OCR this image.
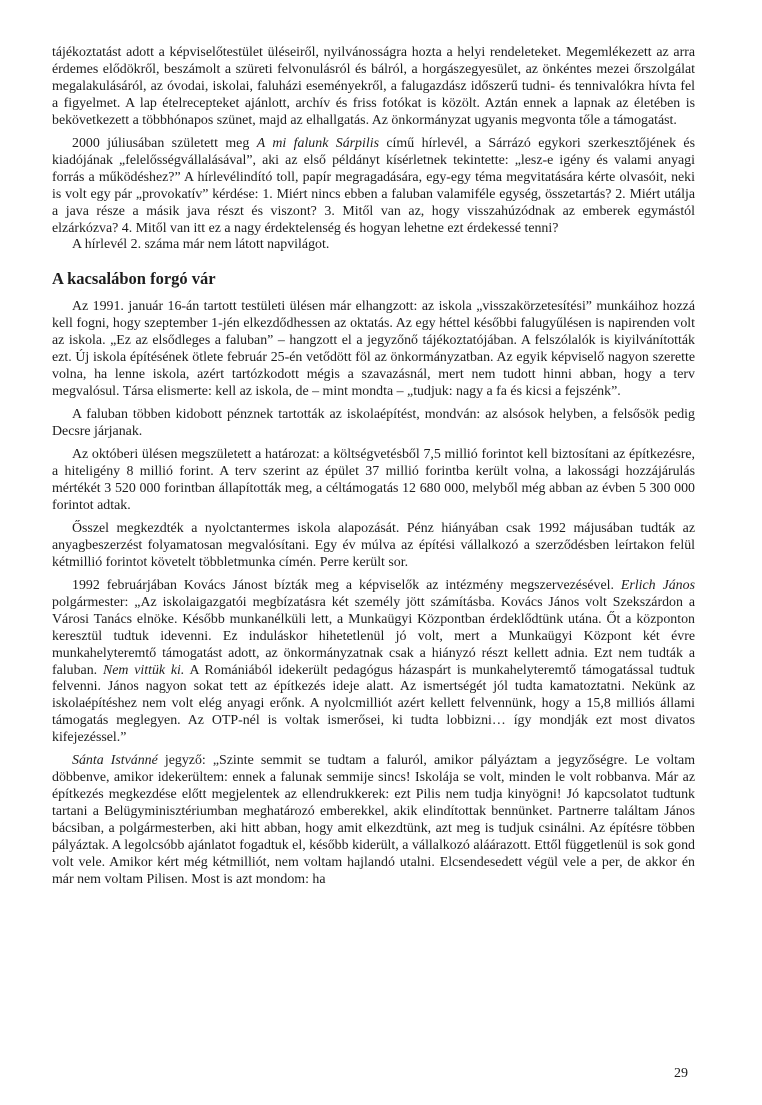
tájékoztatást adott a képviselőtestület üléseiről, nyilvánosságra hozta a helyi rendeleteket. Megemlékezett az arra érdemes elődökről, beszámolt a szüreti felvonulásról és bálról, a horgászegyesület, az önkéntes mezei őrszolgálat megalakulásáról, az óvodai, iskolai, faluházi eseményekről, a falugazdász időszerű tudni- és tennivalókra hívta fel a figyelmet. A lap ételrecepteket ajánlott, archív és friss fotókat is közölt. Aztán ennek a lapnak az életében is bekövetkezett a többhónapos szünet, majd az elhallgatás. Az önkormányzat ugyanis megvonta tőle a támogatást.

2000 júliusában született meg A mi falunk Sárpilis című hírlevél, a Sárrázó egykori szerkesztőjének és kiadójának „felelősségvállalásával”, aki az első példányt kísérletnek tekintette: „lesz-e igény és valami anyagi forrás a működéshez?” A hírlevélindító toll, papír megragadására, egy-egy téma megvitatására kérte olvasóit, neki is volt egy pár „provokatív” kérdése: 1. Miért nincs ebben a faluban valamiféle egység, összetartás? 2. Miért utálja a java része a másik java részt és viszont? 3. Mitől van az, hogy visszahúzódnak az emberek egymástól elzárkózva? 4. Mitől van itt ez a nagy érdektelenség és hogyan lehetne ezt érdekessé tenni?

A hírlevél 2. száma már nem látott napvilágot.

A kacsalábon forgó vár

Az 1991. január 16-án tartott testületi ülésen már elhangzott: az iskola „visszakörzetesítési” munkáihoz hozzá kell fogni, hogy szeptember 1-jén elkezdődhessen az oktatás. Az egy héttel későbbi falugyűlésen is napirenden volt az iskola. „Ez az elsődleges a faluban” – hangzott el a jegyzőnő tájékoztatójában. A felszólalók is kiyilvánították ezt. Új iskola építésének ötlete február 25-én vetődött föl az önkormányzatban. Az egyik képviselő nagyon szerette volna, ha lenne iskola, azért tartózkodott mégis a szavazásnál, mert nem tudott hinni abban, hogy a terv megvalósul. Társa elismerte: kell az iskola, de – mint mondta – „tudjuk: nagy a fa és kicsi a fejszénk”.

A faluban többen kidobott pénznek tartották az iskolaépítést, mondván: az alsósok helyben, a felsősök pedig Decsre járjanak.

Az októberi ülésen megszületett a határozat: a költségvetésből 7,5 millió forintot kell biztosítani az építkezésre, a hiteligény 8 millió forint. A terv szerint az épület 37 millió forintba került volna, a lakossági hozzájárulás mértékét 3 520 000 forintban állapították meg, a céltámogatás 12 680 000, melyből még abban az évben 5 300 000 forintot adtak.

Ősszel megkezdték a nyolctantermes iskola alapozását. Pénz hiányában csak 1992 májusában tudták az anyagbeszerzést folyamatosan megvalósítani. Egy év múlva az építési vállalkozó a szerződésben leírtakon felül kétmillió forintot követelt többletmunka címén. Perre került sor.

1992 februárjában Kovács Jánost bízták meg a képviselők az intézmény megszervezésével. Erlich János polgármester: „Az iskolaigazgatói megbízatásra két személy jött számításba. Kovács János volt Szekszárdon a Városi Tanács elnöke. Később munkanélküli lett, a Munkaügyi Központban érdeklődtünk utána. Őt a központon keresztül tudtuk idevenni. Ez induláskor hihetetlenül jó volt, mert a Munkaügyi Központ két évre munkahelyteremtő támogatást adott, az önkormányzatnak csak a hiányzó részt kellett adnia. Ezt nem tudták a faluban. Nem vittük ki. A Romániából idekerült pedagógus házaspárt is munkahelyteremtő támogatással tudtuk felvenni. János nagyon sokat tett az építkezés ideje alatt. Az ismertségét jól tudta kamatoztatni. Nekünk az iskolaépítéshez nem volt elég anyagi erőnk. A nyolcmilliót azért kellett felvennünk, hogy a 15,8 milliós állami támogatás meglegyen. Az OTP-nél is voltak ismerősei, ki tudta lobbizni… így mondják ezt most divatos kifejezéssel.”

Sánta Istvánné jegyző: „Szinte semmit se tudtam a faluról, amikor pályáztam a jegyzőségre. Le voltam döbbenve, amikor idekerültem: ennek a falunak semmije sincs! Iskolája se volt, minden le volt robbanva. Már az építkezés megkezdése előtt megjelentek az ellendrukkerek: ezt Pilis nem tudja kinyögni! Jó kapcsolatot tudtunk tartani a Belügyminisztériumban meghatározó emberekkel, akik elindítottak bennünket. Partnerre találtam János bácsiban, a polgármesterben, aki hitt abban, hogy amit elkezdtünk, azt meg is tudjuk csinálni. Az építésre többen pályáztak. A legolcsóbb ajánlatot fogadtuk el, később kiderült, a vállalkozó aláárazott. Ettől függetlenül is sok gond volt vele. Amikor kért még kétmilliót, nem voltam hajlandó utalni. Elcsendesedett végül vele a per, de akkor én már nem voltam Pilisen. Most is azt mondom: ha

29
